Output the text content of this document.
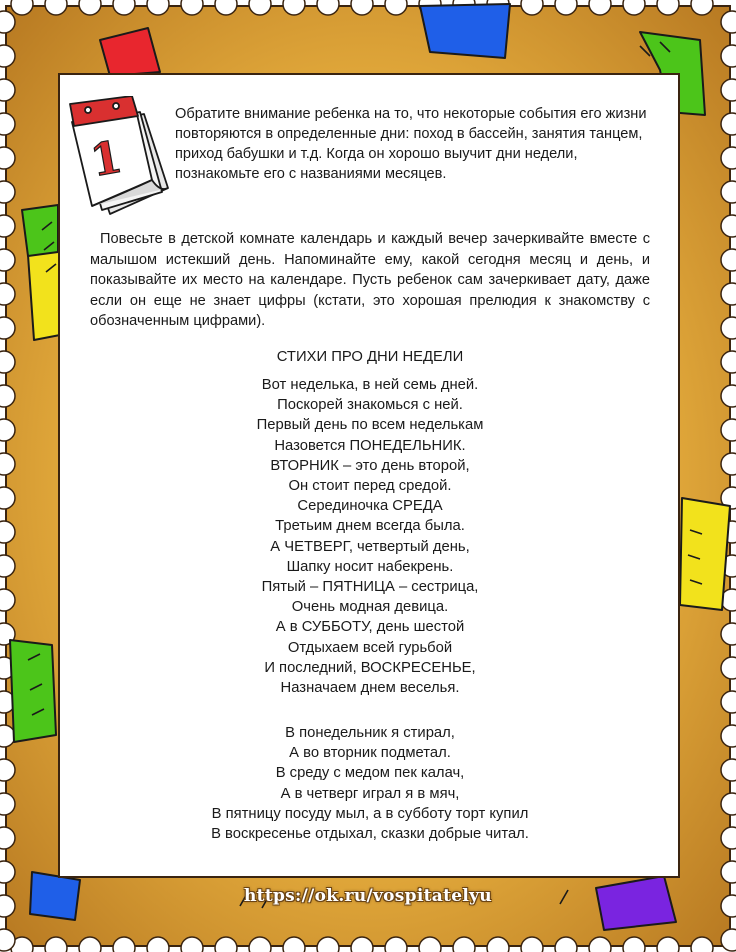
1

Обратите внимание ребенка на то, что некоторые события его жизни повторяются в определенные дни: поход в бассейн, занятия танцем, приход бабушки и т.д. Когда он хорошо выучит дни недели, познакомьте его с названиями месяцев.

Повесьте в детской комнате календарь и каждый вечер зачеркивайте вместе с малышом истекший день. Напоминайте ему, какой сегодня месяц и день, и показывайте их место на календаре. Пусть ребенок сам зачеркивает дату, даже если он еще не знает цифры (кстати, это хорошая прелюдия к знакомству с обозначенным цифрами).

СТИХИ ПРО ДНИ НЕДЕЛИ

Вот неделька, в ней семь дней.
Поскорей знакомься с ней.
Первый день по всем неделькам
Назовется ПОНЕДЕЛЬНИК.
ВТОРНИК – это день второй,
Он стоит перед средой.
Серединочка СРЕДА
Третьим днем всегда была.
А ЧЕТВЕРГ, четвертый день,
Шапку носит набекрень.
Пятый – ПЯТНИЦА – сестрица,
Очень модная девица.
А в СУББОТУ, день шестой
Отдыхаем всей гурьбой
И последний, ВОСКРЕСЕНЬЕ,
Назначаем днем веселья.
В понедельник я стирал,
А во вторник подметал.
В среду с медом пек калач,
А в четверг играл я в мяч,
В пятницу посуду мыл, а в субботу торт купил
В воскресенье отдыхал, сказки добрые читал.
https://ok.ru/vospitatelyu
